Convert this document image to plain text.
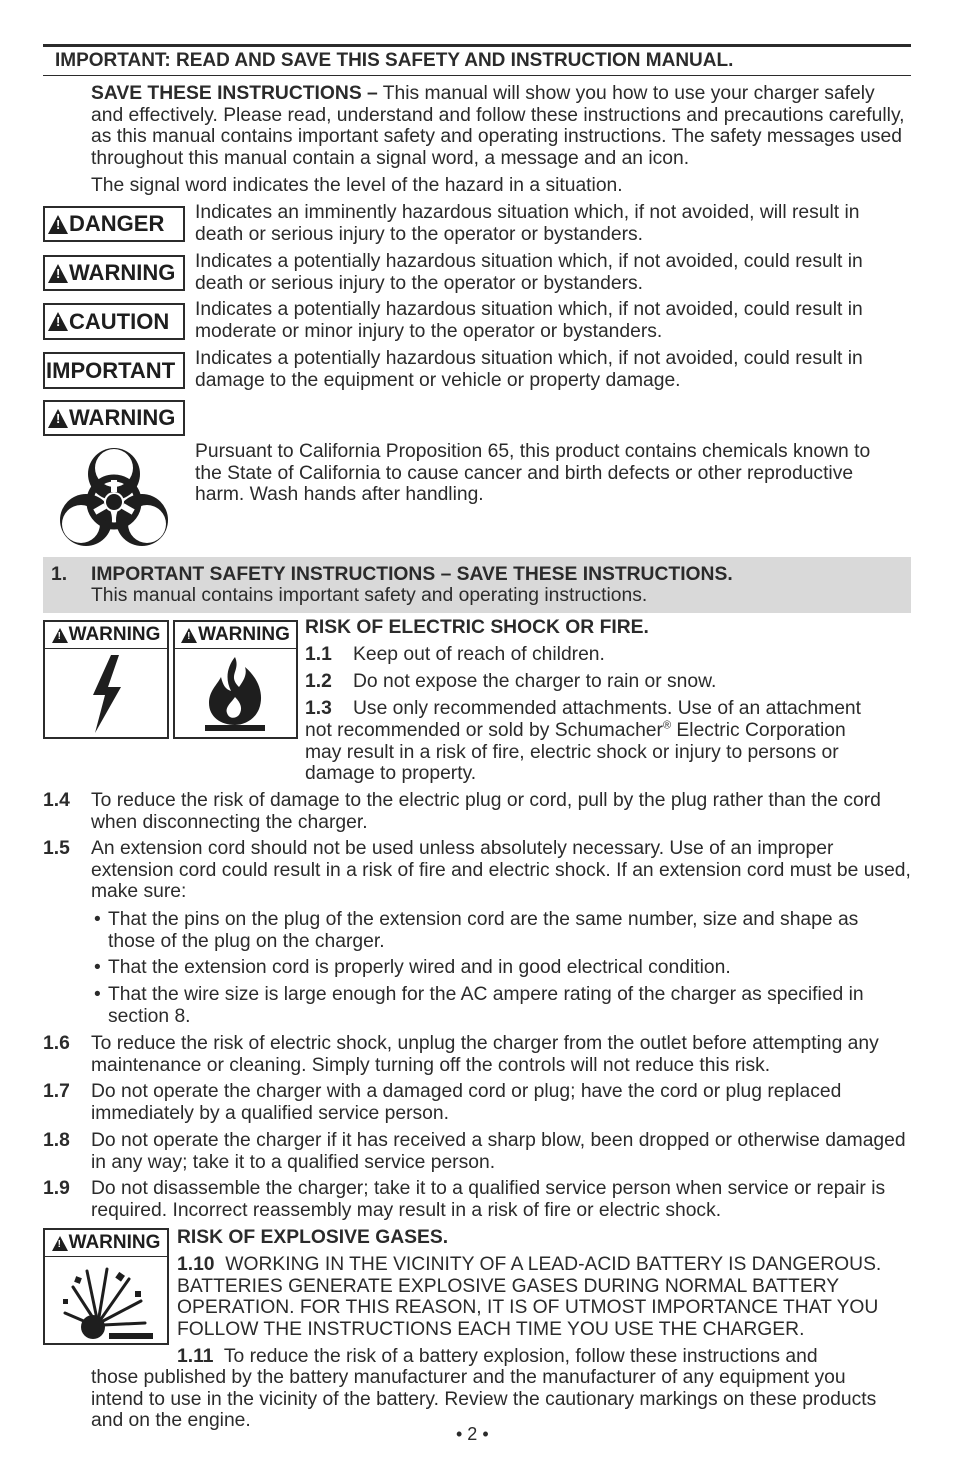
IMPORTANT: READ AND SAVE THIS SAFETY AND INSTRUCTION MANUAL.
SAVE THESE INSTRUCTIONS – This manual will show you how to use your charger safely and effectively. Please read, understand and follow these instructions and precautions carefully, as this manual contains important safety and operating instructions. The safety messages used throughout this manual contain a signal word, a message and an icon.
The signal word indicates the level of the hazard in a situation.
!
DANGER Indicates an imminently hazardous situation which, if not avoided, will result in death or serious injury to the operator or bystanders.
!
WARNING Indicates a potentially hazardous situation which, if not avoided, could result in death or serious injury to the operator or bystanders.
!
CAUTION Indicates a potentially hazardous situation which, if not avoided, could result in moderate or minor injury to the operator or bystanders.
IMPORTANT Indicates a potentially hazardous situation which, if not avoided, could result in damage to the equipment or vehicle or property damage.
!
WARNING
Pursuant to California Proposition 65, this product contains chemicals known to the State of California to cause cancer and birth defects or other reproductive harm. Wash hands after handling.
1. IMPORTANT SAFETY INSTRUCTIONS – SAVE THESE INSTRUCTIONS.
This manual contains important safety and operating instructions.
!
WARNING
! WARNING RISK OF ELECTRIC SHOCK OR FIRE.
1.1 Keep out of reach of children.
1.2 Do not expose the charger to rain or snow.
1.3 Use only recommended attachments. Use of an attachment
not recommended or sold by Schumacher® Electric Corporation
may result in a risk of fire, electric shock or injury to persons or
damage to property.
1.4 To reduce the risk of damage to the electric plug or cord, pull by the plug rather than the cord when disconnecting the charger.
1.5 An extension cord should not be used unless absolutely necessary. Use of an improper extension cord could result in a risk of fire and electric shock. If an extension cord must be used, make sure:
• That the pins on the plug of the extension cord are the same number, size and shape as those of the plug on the charger.
• That the extension cord is properly wired and in good electrical condition.
• That the wire size is large enough for the AC ampere rating of the charger as specified in section 8.
1.6 To reduce the risk of electric shock, unplug the charger from the outlet before attempting any maintenance or cleaning. Simply turning off the controls will not reduce this risk.
1.7 Do not operate the charger with a damaged cord or plug; have the cord or plug replaced immediately by a qualified service person.
1.8 Do not operate the charger if it has received a sharp blow, been dropped or otherwise damaged in any way; take it to a qualified service person.
1.9 Do not disassemble the charger; take it to a qualified service person when service or repair is required. Incorrect reassembly may result in a risk of fire or electric shock.
!
WARNING RISK OF EXPLOSIVE GASES.
1.10 WORKING IN THE VICINITY OF A LEAD-ACID BATTERY IS DANGEROUS. BATTERIES GENERATE EXPLOSIVE GASES DURING NORMAL BATTERY OPERATION. FOR THIS REASON, IT IS OF UTMOST IMPORTANCE THAT YOU FOLLOW THE INSTRUCTIONS EACH TIME YOU USE THE CHARGER.
1.11 To reduce the risk of a battery explosion, follow these instructions and
those published by the battery manufacturer and the manufacturer of any equipment you intend to use in the vicinity of the battery. Review the cautionary markings on these products and on the engine.
• 2 •
